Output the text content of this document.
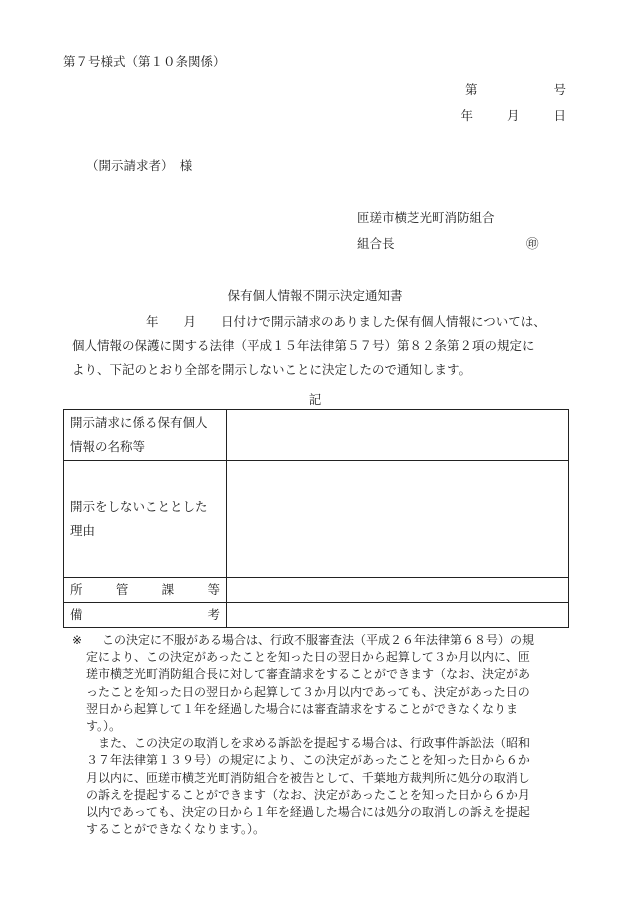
第７号様式（第１０条関係）
第	号
年	月	日
（開示請求者）　様
匝瑳市横芝光町消防組合
組合長	㊞
保有個人情報不開示決定通知書
年　　月　　日付けで開示請求のありました保有個人情報については、
個人情報の保護に関する法律（平成１５年法律第５７号）第８２条第２項の規定に
より、下記のとおり全部を開示しないことに決定したので通知します。
記
開示請求に係る保有個人
情報の名称等	

開示をしないこととした
理由	

所 管 課 等	

備 考	

※	この決定に不服がある場合は、行政不服審査法（平成２６年法律第６８号）の規
定により、この決定があったことを知った日の翌日から起算して３か月以内に、匝
瑳市横芝光町消防組合長に対して審査請求をすることができます（なお、決定があ
ったことを知った日の翌日から起算して３か月以内であっても、決定があった日の
翌日から起算して１年を経過した場合には審査請求をすることができなくなりま
す。）。
また、この決定の取消しを求める訴訟を提起する場合は、行政事件訴訟法（昭和
３７年法律第１３９号）の規定により、この決定があったことを知った日から６か
月以内に、匝瑳市横芝光町消防組合を被告として、千葉地方裁判所に処分の取消し
の訴えを提起することができます（なお、決定があったことを知った日から６か月
以内であっても、決定の日から１年を経過した場合には処分の取消しの訴えを提起
することができなくなります。）。
